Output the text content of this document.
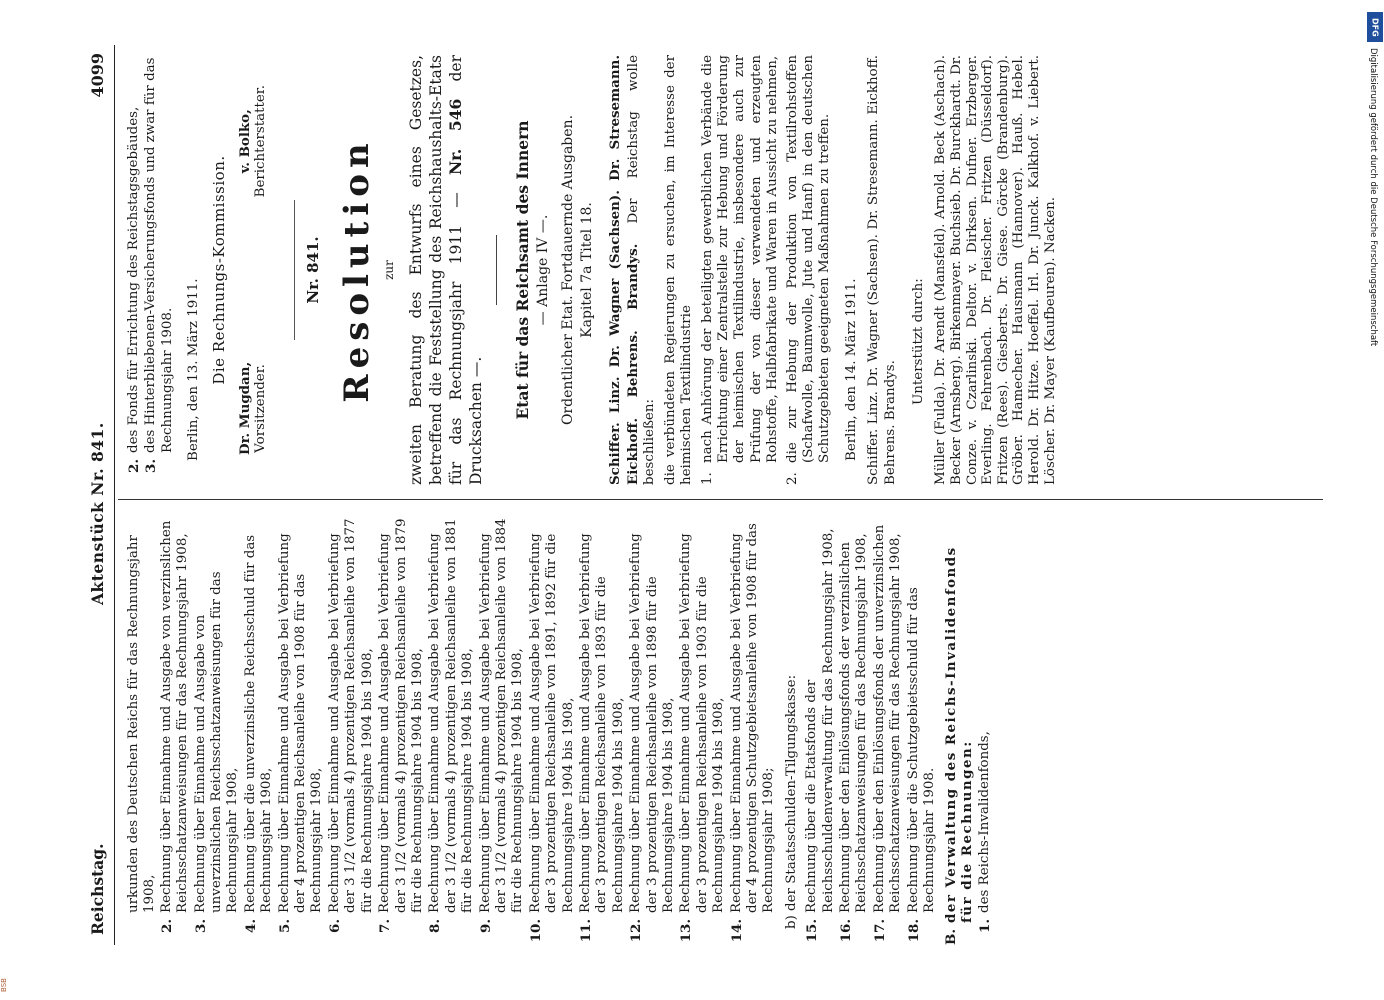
DFG
Digitalisierung gefördert durch die Deutsche Forschungsgemeinschaft
BSB
Reichstag.
Aktenstück Nr. 841.
4099
urkunden des Deutschen Reichs für das Rechnungsjahr 1908,
2.
Rechnung über Einnahme und Ausgabe von verzinslichen Reichsschatzanweisungen für das Rechnungsjahr 1908,
3.
Rechnung über Einnahme und Ausgabe von unverzinslichen Reichsschatzanweisungen für das Rechnungsjahr 1908,
4.
Rechnung über die unverzinsliche Reichsschuld für das Rechnungsjahr 1908,
5.
Rechnung über Einnahme und Ausgabe bei Verbriefung der 4 prozentigen Reichsanleihe von 1908 für das Rechnungsjahr 1908,
6.
Rechnung über Einnahme und Ausgabe bei Verbriefung der 3 1/2 (vormals 4) prozentigen Reichsanleihe von 1877 für die Rechnungsjahre 1904 bis 1908,
7.
Rechnung über Einnahme und Ausgabe bei Verbriefung der 3 1/2 (vormals 4) prozentigen Reichsanleihe von 1879 für die Rechnungsjahre 1904 bis 1908,
8.
Rechnung über Einnahme und Ausgabe bei Verbriefung der 3 1/2 (vormals 4) prozentigen Reichsanleihe von 1881 für die Rechnungsjahre 1904 bis 1908,
9.
Rechnung über Einnahme und Ausgabe bei Verbriefung der 3 1/2 (vormals 4) prozentigen Reichsanleihe von 1884 für die Rechnungsjahre 1904 bis 1908,
10.
Rechnung über Einnahme und Ausgabe bei Verbriefung der 3 prozentigen Reichsanleihe von 1891, 1892 für die Rechnungsjahre 1904 bis 1908,
11.
Rechnung über Einnahme und Ausgabe bei Verbriefung der 3 prozentigen Reichsanleihe von 1893 für die Rechnungsjahre 1904 bis 1908,
12.
Rechnung über Einnahme und Ausgabe bei Verbriefung der 3 prozentigen Reichsanleihe von 1898 für die Rechnungsjahre 1904 bis 1908,
13.
Rechnung über Einnahme und Ausgabe bei Verbriefung der 3 prozentigen Reichsanleihe von 1903 für die Rechnungsjahre 1904 bis 1908,
14.
Rechnung über Einnahme und Ausgabe bei Verbriefung der 4 prozentigen Schutzgebietsanleihe von 1908 für das Rechnungsjahr 1908; b) der Staatsschulden-Tilgungskasse:
15.
Rechnung über die Etatsfonds der Reichsschuldenverwaltung für das Rechnungsjahr 1908,
16.
Rechnung über den Einlösungsfonds der verzinslichen Reichsschatzanweisungen für das Rechnungsjahr 1908,
17.
Rechnung über den Einlösungsfonds der unverzinslichen Reichsschatzanweisungen für das Rechnungsjahr 1908,
18.
Rechnung über die Schutzgebietsschuld für das Rechnungsjahr 1908.
B.
der Verwaltung des Reichs-Invalidenfonds für die Rechnungen:
1.
des Reichs-Invalidenfonds,
2.
des Fonds für Errichtung des Reichstagsgebäudes,
3.
des Hinterbliebenen-Versicherungsfonds und zwar für das Rechnungsjahr 1908. Berlin, den 13. März 1911. Die Rechnungs-Kommission.
Dr. Mugdan, Vorsitzender.
v. Bolko, Berichterstatter.
Nr. 841. Resolution zur zweiten Beratung des Entwurfs eines Gesetzes, betreffend die Feststellung des Reichshaushalts-Etats für das Rechnungsjahr 1911 — Nr. 546 der Drucksachen —.
Etat für das Reichsamt des Innern — Anlage IV —. Ordentlicher Etat. Fortdauernde Ausgaben. Kapitel 7a Titel 18. Schiffer. Linz. Dr. Wagner (Sachsen). Dr. Stresemann. Eickhoff. Behrens. Brandys. Der Reichstag wolle beschließen: die verbündeten Regierungen zu ersuchen, im Interesse der heimischen Textilindustrie 1.
nach Anhörung der beteiligten gewerblichen Verbände die Errichtung einer Zentralstelle zur Hebung und Förderung der heimischen Textilindustrie, insbesondere auch zur Prüfung der von dieser verwendeten und erzeugten Rohstoffe, Halbfabrikate und Waren in Aussicht zu nehmen,
2.
die zur Hebung der Produktion von Textilrohstoffen (Schafwolle, Baumwolle, Jute und Hanf) in den deutschen Schutzgebieten geeigneten Maßnahmen zu treffen. Berlin, den 14. März 1911. Schiffer. Linz. Dr. Wagner (Sachsen). Dr. Stresemann. Eickhoff. Behrens. Brandys.
Unterstützt durch: Müller (Fulda). Dr. Arendt (Mansfeld). Arnold. Beck (Aschach). Becker (Arnsberg). Birkenmayer. Buchsieb. Dr. Burckhardt. Dr. Conze. v. Czarlinski. Deltor. v. Dirksen. Dufner. Erzberger. Everling. Fehrenbach. Dr. Fleischer. Fritzen (Düsseldorf). Fritzen (Rees). Giesberts. Dr. Giese. Görcke (Brandenburg). Gröber. Hamecher. Hausmann (Hannover). Hauß. Hebel. Herold. Dr. Hitze. Hoeffel. Irl. Dr. Junck. Kalkhof. v. Liebert. Löscher. Dr. Mayer (Kaufbeuren). Nacken.
